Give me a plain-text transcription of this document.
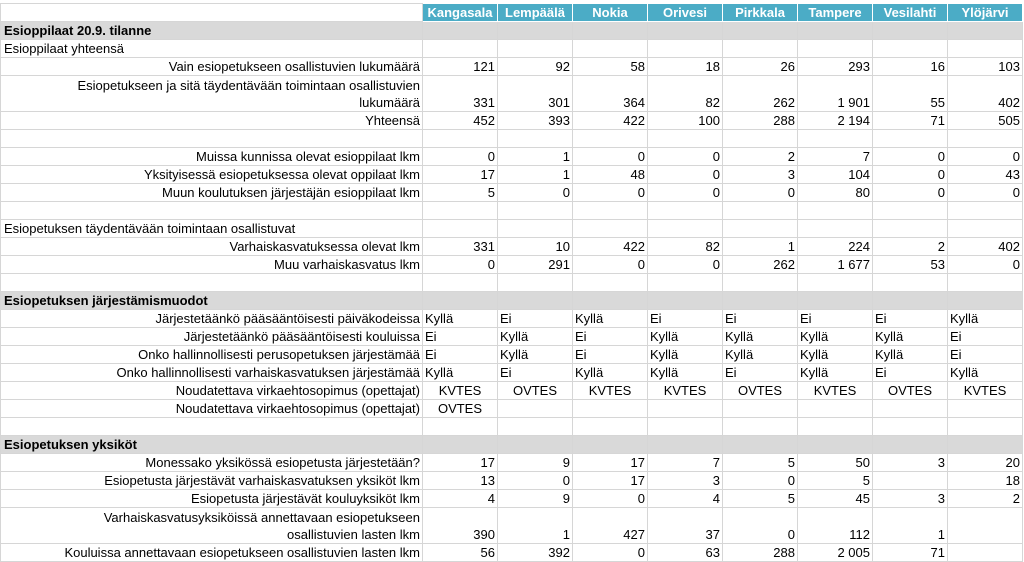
	Kangasala	Lempäälä	Nokia	Orivesi	Pirkkala	Tampere	Vesilahti	Ylöjärvi
Esioppilaat 20.9. tilanne								
Esioppilaat yhteensä								
Vain esiopetukseen osallistuvien lukumäärä	121	92	58	18	26	293	16	103

Esiopetukseen ja sitä täydentävään toimintaan osallistuvien
lukumäärä	331	301	364	82	262	1 901	55	402
Yhteensä	452	393	422	100	288	2 194	71	505

Muissa kunnissa olevat esioppilaat lkm	0	1	0	0	2	7	0	0
Yksityisessä esiopetuksessa olevat oppilaat lkm	17	1	48	0	3	104	0	43
Muun koulutuksen järjestäjän esioppilaat lkm	5	0	0	0	0	80	0	0

Esiopetuksen täydentävään toimintaan osallistuvat								
Varhaiskasvatuksessa olevat lkm	331	10	422	82	1	224	2	402
Muu varhaiskasvatus lkm	0	291	0	0	262	1 677	53	0

Esiopetuksen järjestämismuodot								
Järjestetäänkö pääsääntöisesti päiväkodeissa	Kyllä	Ei	Kyllä	Ei	Ei	Ei	Ei	Kyllä
Järjestetäänkö pääsääntöisesti kouluissa	Ei	Kyllä	Ei	Kyllä	Kyllä	Kyllä	Kyllä	Ei
Onko hallinnollisesti perusopetuksen järjestämää	Ei	Kyllä	Ei	Kyllä	Kyllä	Kyllä	Kyllä	Ei
Onko hallinnollisesti varhaiskasvatuksen järjestämää	Kyllä	Ei	Kyllä	Kyllä	Ei	Kyllä	Ei	Kyllä
Noudatettava virkaehtosopimus (opettajat)	KVTES	OVTES	KVTES	KVTES	OVTES	KVTES	OVTES	KVTES
Noudatettava virkaehtosopimus (opettajat)	OVTES							

Esiopetuksen yksiköt								
Monessako yksikössä esiopetusta järjestetään?	17	9	17	7	5	50	3	20
Esiopetusta järjestävät varhaiskasvatuksen yksiköt lkm	13	0	17	3	0	5		18
Esiopetusta järjestävät kouluyksiköt lkm	4	9	0	4	5	45	3	2

Varhaiskasvatusyksiköissä annettavaan esiopetukseen
osallistuvien lasten lkm	390	1	427	37	0	112	1	
Kouluissa annettavaan esiopetukseen osallistuvien lasten lkm	56	392	0	63	288	2 005	71	
